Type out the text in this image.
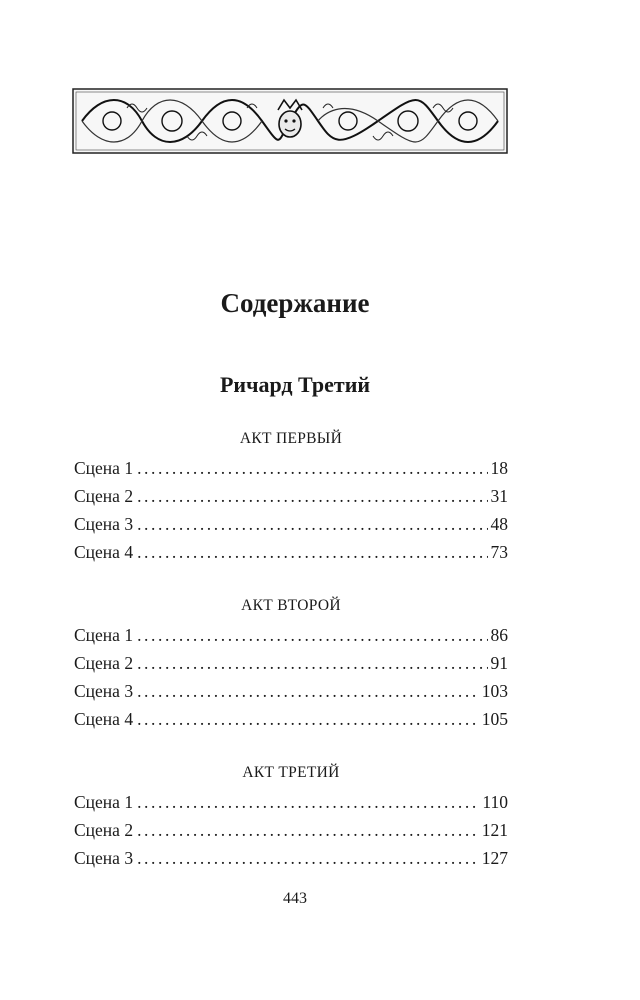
Содержание
Ричард Третий
АКТ ПЕРВЫЙ
Сцена 1 .....	18
Сцена 2 .....	31
Сцена 3 .....	48
Сцена 4 .....	73
АКТ ВТОРОЙ
Сцена 1 .....	86
Сцена 2 .....	91
Сцена 3 .....	103
Сцена 4 .....	105
АКТ ТРЕТИЙ
Сцена 1 .....	110
Сцена 2 .....	121
Сцена 3 .....	127
443
